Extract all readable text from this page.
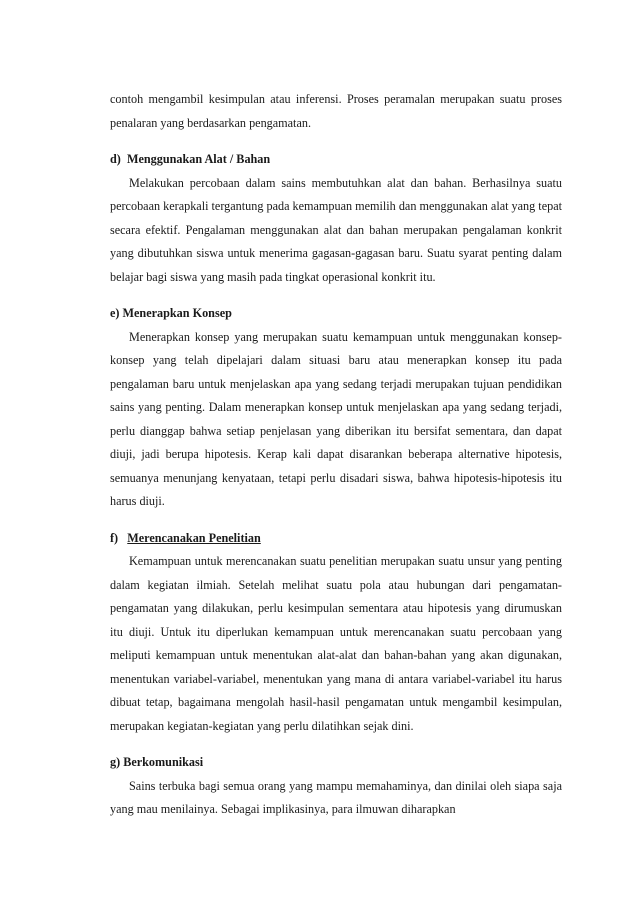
contoh mengambil kesimpulan atau inferensi. Proses peramalan merupakan suatu proses penalaran yang berdasarkan pengamatan.

d) Menggunakan Alat / Bahan

Melakukan percobaan dalam sains membutuhkan alat dan bahan. Berhasilnya suatu percobaan kerapkali tergantung pada kemampuan memilih dan menggunakan alat yang tepat secara efektif. Pengalaman menggunakan alat dan bahan merupakan pengalaman konkrit yang dibutuhkan siswa untuk menerima gagasan-gagasan baru. Suatu syarat penting dalam belajar bagi siswa yang masih pada tingkat operasional konkrit itu.

e) Menerapkan Konsep

Menerapkan konsep yang merupakan suatu kemampuan untuk menggunakan konsep-konsep yang telah dipelajari dalam situasi baru atau menerapkan konsep itu pada pengalaman baru untuk menjelaskan apa yang sedang terjadi merupakan tujuan pendidikan sains yang penting. Dalam menerapkan konsep untuk menjelaskan apa yang sedang terjadi, perlu dianggap bahwa setiap penjelasan yang diberikan itu bersifat sementara, dan dapat diuji, jadi berupa hipotesis. Kerap kali dapat disarankan beberapa alternative hipotesis, semuanya menunjang kenyataan, tetapi perlu disadari siswa, bahwa hipotesis-hipotesis itu harus diuji.

f) Merencanakan Penelitian

Kemampuan untuk merencanakan suatu penelitian merupakan suatu unsur yang penting dalam kegiatan ilmiah. Setelah melihat suatu pola atau hubungan dari pengamatan-pengamatan yang dilakukan, perlu kesimpulan sementara atau hipotesis yang dirumuskan itu diuji. Untuk itu diperlukan kemampuan untuk merencanakan suatu percobaan yang meliputi kemampuan untuk menentukan alat-alat dan bahan-bahan yang akan digunakan, menentukan variabel-variabel, menentukan yang mana di antara variabel-variabel itu harus dibuat tetap, bagaimana mengolah hasil-hasil pengamatan untuk mengambil kesimpulan, merupakan kegiatan-kegiatan yang perlu dilatihkan sejak dini.

g) Berkomunikasi

Sains terbuka bagi semua orang yang mampu memahaminya, dan dinilai oleh siapa saja yang mau menilainya. Sebagai implikasinya, para ilmuwan diharapkan
